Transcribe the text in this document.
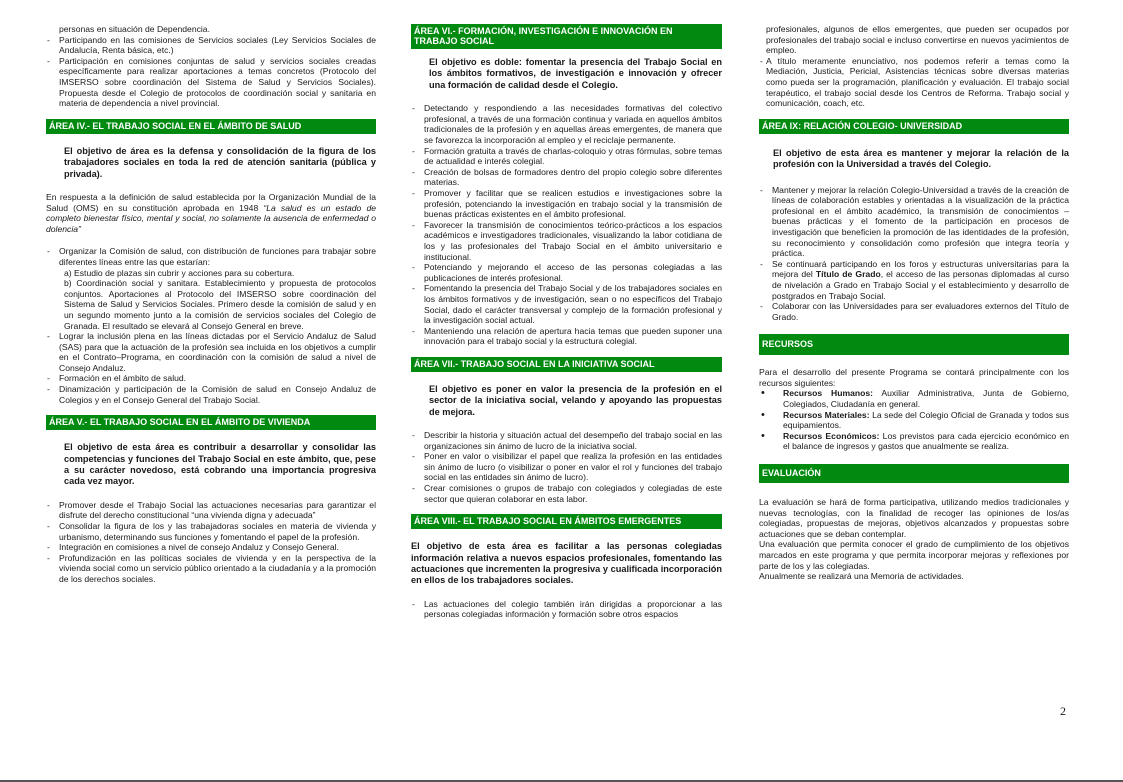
personas en situación de Dependencia.

- Participando en las comisiones de Servicios sociales (Ley Servicios Sociales de Andalucía, Renta básica, etc.)

- Participación en comisiones conjuntas de salud y servicios sociales creadas específicamente para realizar aportaciones a temas concretos (Protocolo del IMSERSO sobre coordinación del Sistema de Salud y Servicios Sociales). Propuesta desde el Colegio de protocolos de coordinación social y sanitaria en materia de dependencia a nivel provincial.

ÁREA IV.- EL TRABAJO SOCIAL EN EL ÁMBITO DE SALUD

El objetivo de área es la defensa y consolidación de la figura de los trabajadores sociales en toda la red de atención sanitaria (pública y privada).

En respuesta a la definición de salud establecida por la Organización Mundial de la Salud (OMS) en su constitución aprobada en 1948 “La salud es un estado de completo bienestar físico, mental y social, no solamente la ausencia de enfermedad o dolencia”

- Organizar la Comisión de salud, con distribución de funciones para trabajar sobre diferentes líneas entre las que estarían:

a) Estudio de plazas sin cubrir y acciones para su cobertura.

b) Coordinación social y sanitara. Establecimiento y propuesta de protocolos conjuntos. Aportaciones al Protocolo del IMSERSO sobre coordinación del Sistema de Salud y Servicios Sociales. Primero desde la comisión de salud y en un segundo momento junto a la comisión de servicios sociales del Colegio de Granada. El resultado se elevará al Consejo General en breve.

- Lograr la inclusión plena en las líneas dictadas por el Servicio Andaluz de Salud (SAS) para que la actuación de la profesión sea incluida en los objetivos a cumplir en el Contrato–Programa, en coordinación con la comisión de salud a nivel de Consejo Andaluz.

- Formación en el ámbito de salud.

- Dinamización y participación de la Comisión de salud en Consejo Andaluz de Colegios y en el Consejo General del Trabajo Social.

ÁREA V.- EL TRABAJO SOCIAL EN EL ÁMBITO DE VIVIENDA

El objetivo de esta área es contribuir a desarrollar y consolidar las competencias y funciones del Trabajo Social en este ámbito, que, pese a su carácter novedoso, está cobrando una importancia progresiva cada vez mayor.

- Promover desde el Trabajo Social las actuaciones necesarias para garantizar el disfrute del derecho constitucional “una vivienda digna y adecuada”

- Consolidar la figura de los y las trabajadoras sociales en materia de vivienda y urbanismo, determinando sus funciones y fomentando el papel de la profesión.

- Integración en comisiones a nivel de consejo Andaluz y Consejo General.

- Profundización en las políticas sociales de vivienda y en la perspectiva de la vivienda social como un servicio público orientado a la ciudadanía y a la promoción de los derechos sociales.

ÁREA VI.- FORMACIÓN, INVESTIGACIÓN E INNOVACIÓN EN TRABAJO SOCIAL

El objetivo es doble: fomentar la presencia del Trabajo Social en los ámbitos formativos, de investigación e innovación y ofrecer una formación de calidad desde el Colegio.

- Detectando y respondiendo a las necesidades formativas del colectivo profesional, a través de una formación continua y variada en aquellos ámbitos tradicionales de la profesión y en aquellas áreas emergentes, de manera que se favorezca la incorporación al empleo y el reciclaje permanente.

- Formación gratuita a través de charlas-coloquio y otras fórmulas, sobre temas de actualidad e interés colegial.

- Creación de bolsas de formadores dentro del propio colegio sobre diferentes materias.

- Promover y facilitar que se realicen estudios e investigaciones sobre la profesión, potenciando la investigación en trabajo social y la transmisión de buenas prácticas existentes en el ámbito profesional.

- Favorecer la transmisión de conocimientos teórico-prácticos a los espacios académicos e investigadores tradicionales, visualizando la labor cotidiana de los y las profesionales del Trabajo Social en el ámbito universitario e institucional.

- Potenciando y mejorando el acceso de las personas colegiadas a las publicaciones de interés profesional.

- Fomentando la presencia del Trabajo Social y de los trabajadores sociales en los ámbitos formativos y de investigación, sean o no específicos del Trabajo Social, dado el carácter transversal y complejo de la formación profesional y la investigación social actual.

- Manteniendo una relación de apertura hacia temas que pueden suponer una innovación para el trabajo social y la estructura colegial.

ÁREA VII.- TRABAJO SOCIAL EN LA INICIATIVA SOCIAL

El objetivo es poner en valor la presencia de la profesión en el sector de la iniciativa social, velando y apoyando las propuestas de mejora.

- Describir la historia y situación actual del desempeño del trabajo social en las organizaciones sin ánimo de lucro de la iniciativa social.

- Poner en valor o visibilizar el papel que realiza la profesión en las entidades sin ánimo de lucro (o visibilizar o poner en valor el rol y funciones del trabajo social en las entidades sin ánimo de lucro).

- Crear comisiones o grupos de trabajo con colegiados y colegiadas de este sector que quieran colaborar en esta labor.

ÁREA VIII.- EL TRABAJO SOCIAL EN ÁMBITOS EMERGENTES

El objetivo de esta área es facilitar a las personas colegiadas información relativa a nuevos espacios profesionales, fomentando las actuaciones que incrementen la progresiva y cualificada incorporación en ellos de los trabajadores sociales.

- Las actuaciones del colegio también irán dirigidas a proporcionar a las personas colegiadas información y formación sobre otros espacios

profesionales, algunos de ellos emergentes, que pueden ser ocupados por profesionales del trabajo social e incluso convertirse en nuevos yacimientos de empleo.

- A título meramente enunciativo, nos podemos referir a temas como la Mediación, Justicia, Pericial, Asistencias técnicas sobre diversas materias como pueda ser la programación, planificación y evaluación. El trabajo social terapéutico, el trabajo social desde los Centros de Reforma. Trabajo social y comunicación, coach, etc.

ÁREA IX: RELACIÓN COLEGIO- UNIVERSIDAD

El objetivo de esta área es mantener y mejorar la relación de la profesión con la Universidad a través del Colegio.

- Mantener y mejorar la relación Colegio-Universidad a través de la creación de líneas de colaboración estables y orientadas a la visualización de la práctica profesional en el ámbito académico, la transmisión de conocimientos – buenas prácticas y el fomento de la participación en procesos de investigación que beneficien la promoción de las identidades de la profesión, su reconocimiento y consolidación como profesión que integra teoría y práctica.

- Se continuará participando en los foros y estructuras universitarias para la mejora del Título de Grado, el acceso de las personas diplomadas al curso de nivelación a Grado en Trabajo Social y el establecimiento y desarrollo de postgrados en Trabajo Social.

- Colaborar con las Universidades para ser evaluadores externos del Título de Grado.

RECURSOS

Para el desarrollo del presente Programa se contará principalmente con los recursos siguientes:

• Recursos Humanos: Auxiliar Administrativa, Junta de Gobierno, Colegiados, Ciudadanía en general.

• Recursos Materiales: La sede del Colegio Oficial de Granada y todos sus equipamientos.

• Recursos Económicos: Los previstos para cada ejercicio económico en el balance de ingresos y gastos que anualmente se realiza.

EVALUACIÓN

La evaluación se hará de forma participativa, utilizando medios tradicionales y nuevas tecnologías, con la finalidad de recoger las opiniones de los/as colegiadas, propuestas de mejoras, objetivos alcanzados y propuestas sobre actuaciones que se deban contemplar.

Una evaluación que permita conocer el grado de cumplimiento de los objetivos marcados en este programa y que permita incorporar mejoras y reflexiones por parte de los y las colegiadas.

Anualmente se realizará una Memoria de actividades.

2
